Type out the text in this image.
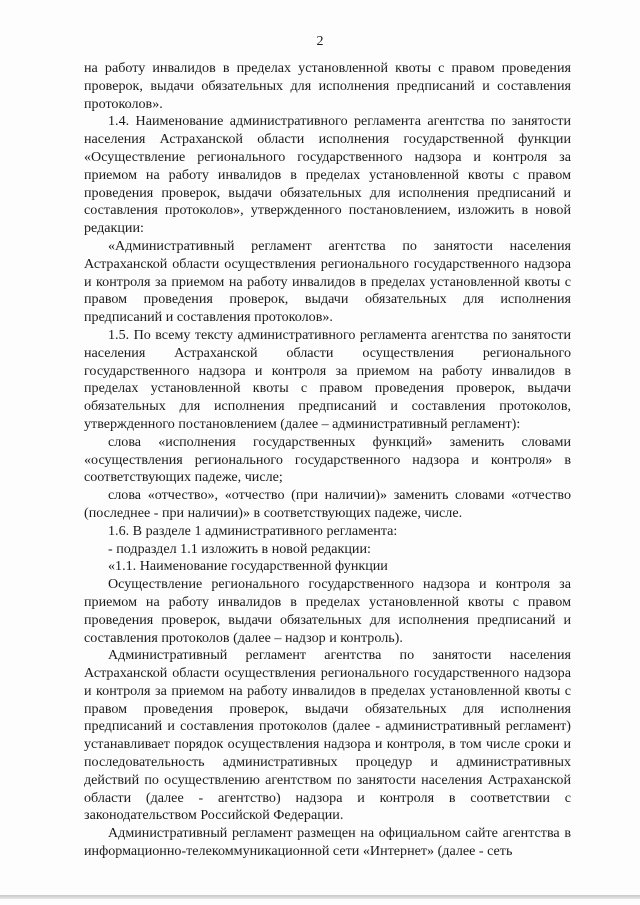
2

на работу инвалидов в пределах установленной квоты с правом проведения проверок, выдачи обязательных для исполнения предписаний и составления протоколов».

1.4. Наименование административного регламента агентства по занятости населения Астраханской области исполнения государственной функции «Осуществление регионального государственного надзора и контроля за приемом на работу инвалидов в пределах установленной квоты с правом проведения проверок, выдачи обязательных для исполнения предписаний и составления протоколов», утвержденного постановлением, изложить в новой редакции:

«Административный регламент агентства по занятости населения Астраханской области осуществления регионального государственного надзора и контроля за приемом на работу инвалидов в пределах установленной квоты с правом проведения проверок, выдачи обязательных для исполнения предписаний и составления протоколов».

1.5. По всему тексту административного регламента агентства по занятости населения Астраханской области осуществления регионального государственного надзора и контроля за приемом на работу инвалидов в пределах установленной квоты с правом проведения проверок, выдачи обязательных для исполнения предписаний и составления протоколов, утвержденного постановлением (далее – административный регламент):

слова «исполнения государственных функций» заменить словами «осуществления регионального государственного надзора и контроля» в соответствующих падеже, числе;

слова «отчество», «отчество (при наличии)» заменить словами «отчество (последнее - при наличии)» в соответствующих падеже, числе.

1.6. В разделе 1 административного регламента:

- подраздел 1.1 изложить в новой редакции:

«1.1. Наименование государственной функции

Осуществление регионального государственного надзора и контроля за приемом на работу инвалидов в пределах установленной квоты с правом проведения проверок, выдачи обязательных для исполнения предписаний и составления протоколов (далее – надзор и контроль).

Административный регламент агентства по занятости населения Астраханской области осуществления регионального государственного надзора и контроля за приемом на работу инвалидов в пределах установленной квоты с правом проведения проверок, выдачи обязательных для исполнения предписаний и составления протоколов (далее - административный регламент) устанавливает порядок осуществления надзора и контроля, в том числе сроки и последовательность административных процедур и административных действий по осуществлению агентством по занятости населения Астраханской области (далее - агентство) надзора и контроля в соответствии с законодательством Российской Федерации.

Административный регламент размещен на официальном сайте агентства в информационно-телекоммуникационной сети «Интернет» (далее - сеть
